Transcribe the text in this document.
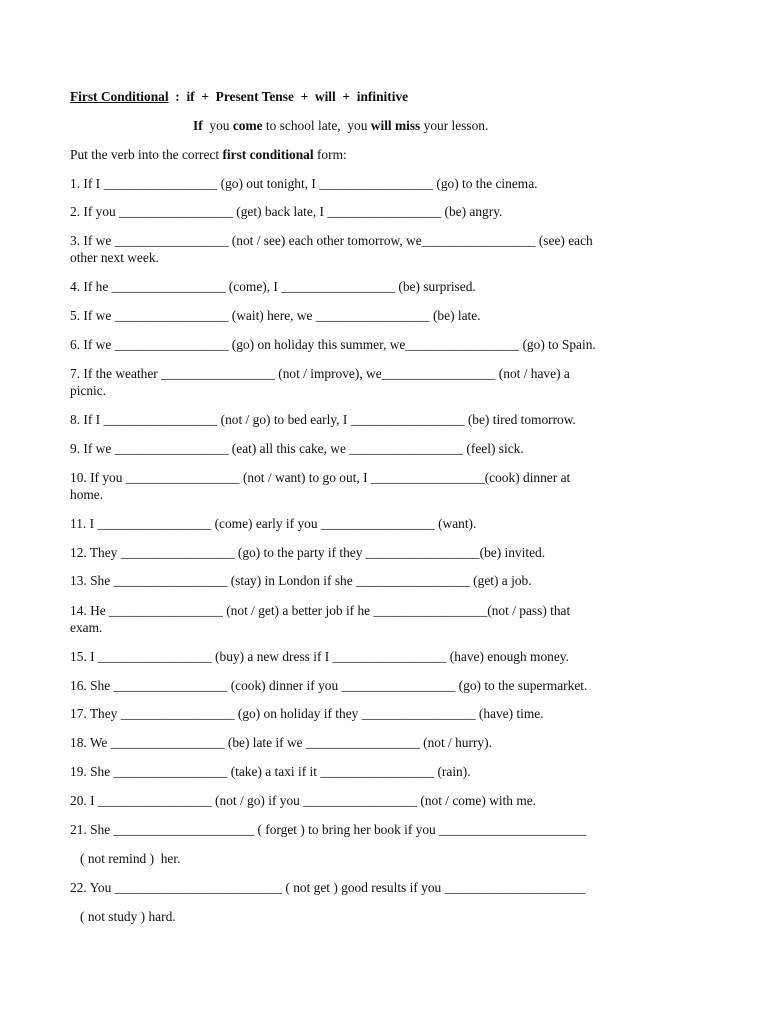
First Conditional  :  if  +  Present Tense  +  will  +  infinitive
If  you come to school late,  you will miss your lesson.
Put the verb into the correct first conditional form:
1. If I _________________ (go) out tonight, I _________________ (go) to the cinema.
2. If you _________________ (get) back late, I _________________ (be) angry.
3. If we _________________ (not / see) each other tomorrow, we_________________ (see) each
other next week.
4. If he _________________ (come), I _________________ (be) surprised.
5. If we _________________ (wait) here, we _________________ (be) late.
6. If we _________________ (go) on holiday this summer, we_________________ (go) to Spain.
7. If the weather _________________ (not / improve), we_________________ (not / have) a
picnic.
8. If I _________________ (not / go) to bed early, I _________________ (be) tired tomorrow.
9. If we _________________ (eat) all this cake, we _________________ (feel) sick.
10. If you _________________ (not / want) to go out, I _________________(cook) dinner at
home.
11. I _________________ (come) early if you _________________ (want).
12. They _________________ (go) to the party if they _________________(be) invited.
13. She _________________ (stay) in London if she _________________ (get) a job.
14. He _________________ (not / get) a better job if he _________________(not / pass) that
exam.
15. I _________________ (buy) a new dress if I _________________ (have) enough money.
16. She _________________ (cook) dinner if you _________________ (go) to the supermarket.
17. They _________________ (go) on holiday if they _________________ (have) time.
18. We _________________ (be) late if we _________________ (not / hurry).
19. She _________________ (take) a taxi if it _________________ (rain).
20. I _________________ (not / go) if you _________________ (not / come) with me.
21. She _____________________ ( forget ) to bring her book if you ______________________
( not remind )  her.
22. You _________________________ ( not get ) good results if you _____________________
( not study ) hard.
